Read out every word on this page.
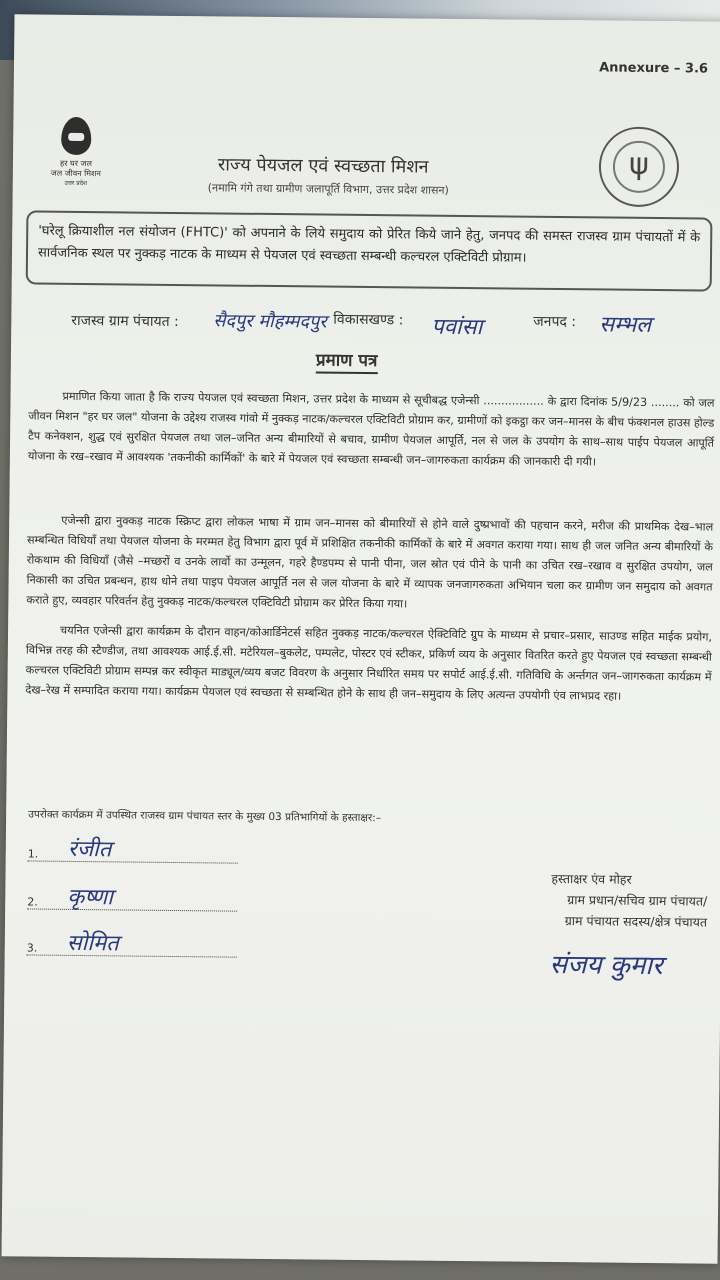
Annexure – 3.6
हर घर जल
जल जीवन मिशन
उत्तर प्रदेश
ψ
राज्य पेयजल एवं स्वच्छता मिशन
(नमामि गंगे तथा ग्रामीण जलापूर्ति विभाग, उत्तर प्रदेश शासन)
'घरेलू क्रियाशील नल संयोजन (FHTC)' को अपनाने के लिये समुदाय को प्रेरित किये जाने हेतु, जनपद की समस्त राजस्व ग्राम पंचायतों में के सार्वजनिक स्थल पर नुक्कड़ नाटक के माध्यम से पेयजल एवं स्वच्छता सम्बन्धी कल्चरल एक्टिविटी प्रोग्राम।
राजस्व ग्राम पंचायत : सैदपुर मौहम्मदपुर विकासखण्ड : पवांसा	जनपद : सम्भल
प्रमाण पत्र
प्रमाणित किया जाता है कि राज्य पेयजल एवं स्वच्छता मिशन, उत्तर प्रदेश के माध्यम से सूचीबद्ध एजेन्सी ................. के द्वारा दिनांक 5/9/23 ........ को जल जीवन मिशन "हर घर जल" योजना के उद्देश्य राजस्व गांवो में नुक्कड़ नाटक/कल्चरल एक्टिविटी प्रोग्राम कर, ग्रामीणों को इकट्ठा कर जन–मानस के बीच फंक्शनल हाउस होल्ड टैप कनेक्शन, शुद्ध एवं सुरक्षित पेयजल तथा जल–जनित अन्य बीमारियों से बचाव, ग्रामीण पेयजल आपूर्ति, नल से जल के उपयोग के साथ–साथ पाईप पेयजल आपूर्ति योजना के रख–रखाव में आवश्यक 'तकनीकी कार्मिकों' के बारे में पेयजल एवं स्वच्छता सम्बन्धी जन–जागरुकता कार्यक्रम की जानकारी दी गयी।
एजेन्सी द्वारा नुक्कड़ नाटक स्क्रिप्ट द्वारा लोकल भाषा में ग्राम जन–मानस को बीमारियों से होने वाले दुष्प्रभावों की पहचान करने, मरीज की प्राथमिक देख–भाल सम्बन्धित विधियाँ तथा पेयजल योजना के मरम्मत हेतु विभाग द्वारा पूर्व में प्रशिक्षित तकनीकी कार्मिकों के बारे में अवगत कराया गया। साथ ही जल जनित अन्य बीमारियों के रोकथाम की विधियाँ (जैसे –मच्छरों व उनके लार्वो का उन्मूलन, गहरे हैण्डपम्प से पानी पीना, जल स्रोत एवं पीने के पानी का उचित रख–रखाव व सुरक्षित उपयोग, जल निकासी का उचित प्रबन्धन, हाथ धोने तथा पाइप पेयजल आपूर्ति नल से जल योजना के बारे में व्यापक जनजागरुकता अभियान चला कर ग्रामीण जन समुदाय को अवगत कराते हुए, व्यवहार परिवर्तन हेतु नुक्कड़ नाटक/कल्चरल एक्टिविटी प्रोग्राम कर प्रेरित किया गया।
चयनित एजेन्सी द्वारा कार्यक्रम के दौरान वाहन/कोआर्डिनेटर्स सहित नुक्कड़ नाटक/कल्चरल ऐक्टिविटि ग्रुप के माध्यम से प्रचार–प्रसार, साउण्ड सहित माईक प्रयोग, विभिन्न तरह की स्टैण्डीज, तथा आवश्यक आई.ई.सी. मटेरियल–बुकलेट, पम्पलेट, पोस्टर एवं स्टीकर, प्रकिर्ण व्यय के अनुसार वितरित करते हुए पेयजल एवं स्वच्छता सम्बन्धी कल्चरल एक्टिविटी प्रोग्राम सम्पन्न कर स्वीकृत माड्यूल/व्यय बजट विवरण के अनुसार निर्धारित समय पर सपोर्ट आई.ई.सी. गतिविधि के अर्न्तगत जन–जागरुकता कार्यक्रम में देख–रेख में सम्पादित कराया गया। कार्यक्रम पेयजल एवं स्वच्छता से सम्बन्धित होने के साथ ही जन–समुदाय के लिए अत्यन्त उपयोगी एंव लाभप्रद रहा।
उपरोक्त कार्यक्रम में उपस्थित राजस्व ग्राम पंचायत स्तर के मुख्य 03 प्रतिभागियों के हस्ताक्षर:–
1. रंजीत
2. कृष्णा
3. सोमित
हस्ताक्षर एंव मोहर
ग्राम प्रधान/सचिव ग्राम पंचायत/
ग्राम पंचायत सदस्य/क्षेत्र पंचायत
संजय कुमार
